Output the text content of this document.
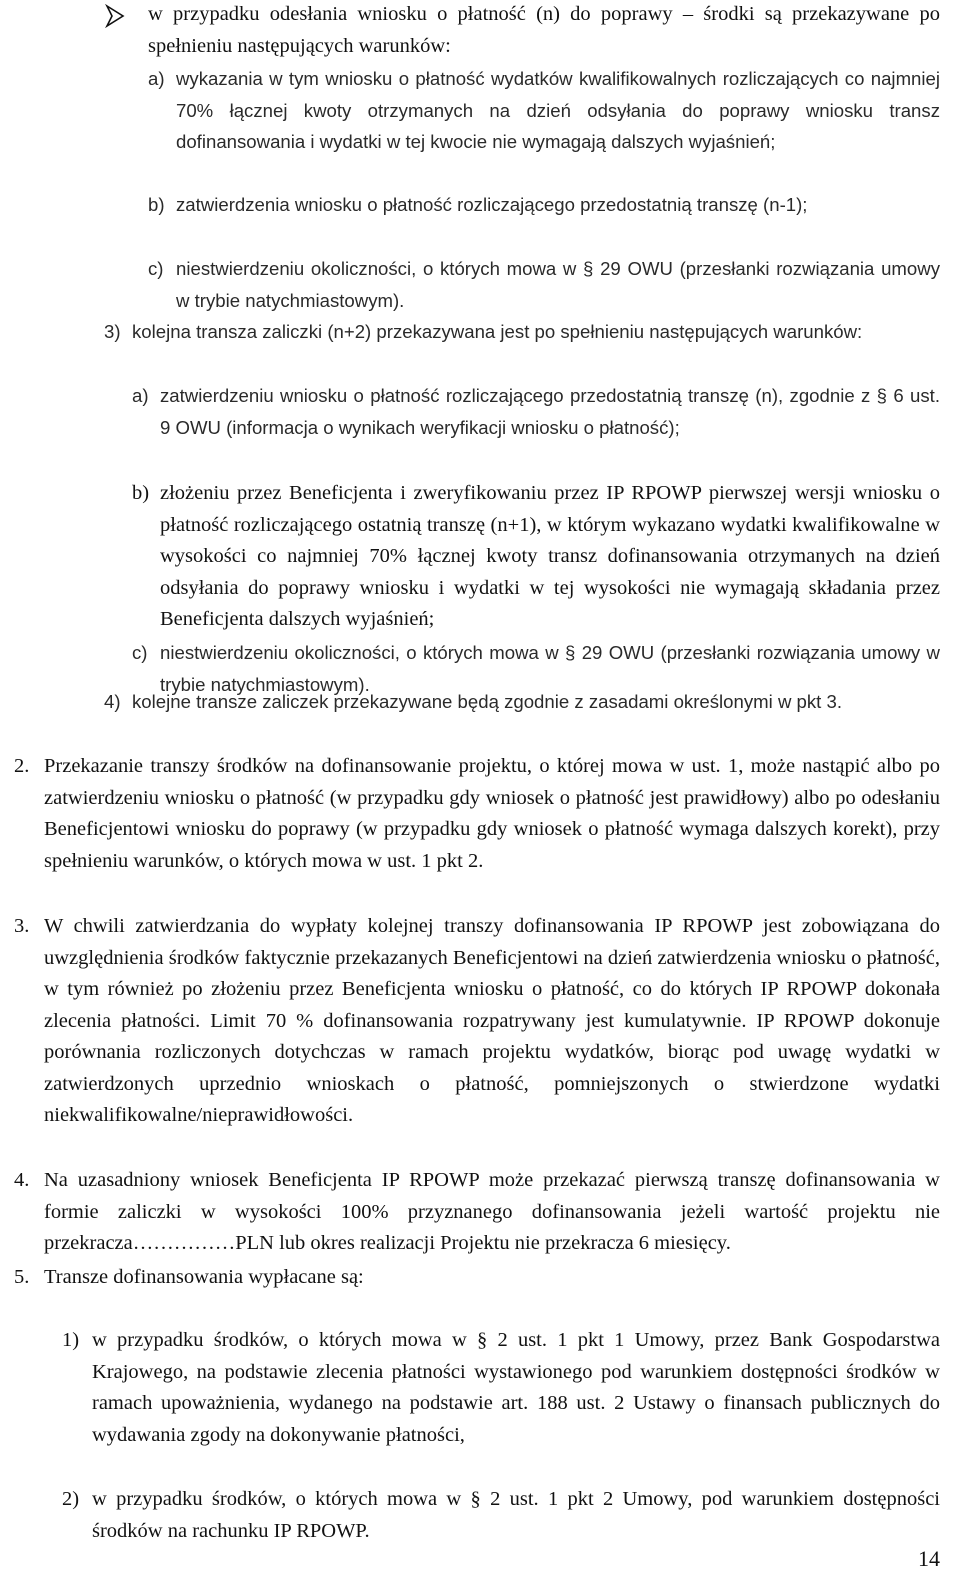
w przypadku odesłania wniosku o płatność (n) do poprawy – środki są przekazywane po spełnieniu następujących warunków:
a) wykazania w tym wniosku o płatność wydatków kwalifikowalnych rozliczających co najmniej 70% łącznej kwoty otrzymanych na dzień odsyłania do poprawy wniosku transz dofinansowania i wydatki w tej kwocie nie wymagają dalszych wyjaśnień;
b) zatwierdzenia wniosku o płatność rozliczającego przedostatnią transzę (n-1);
c) niestwierdzeniu okoliczności, o których mowa w § 29 OWU (przesłanki rozwiązania umowy w trybie natychmiastowym).
3) kolejna transza zaliczki (n+2) przekazywana jest po spełnieniu następujących warunków:
a) zatwierdzeniu wniosku o płatność rozliczającego przedostatnią transzę (n), zgodnie z § 6 ust. 9 OWU (informacja o wynikach weryfikacji wniosku o płatność);
b) złożeniu przez Beneficjenta i zweryfikowaniu przez IP RPOWP pierwszej wersji wniosku o płatność rozliczającego ostatnią transzę (n+1), w którym wykazano wydatki kwalifikowalne w wysokości co najmniej 70% łącznej kwoty transz dofinansowania otrzymanych na dzień odsyłania do poprawy wniosku i wydatki w tej wysokości nie wymagają składania przez Beneficjenta dalszych wyjaśnień;
c) niestwierdzeniu okoliczności, o których mowa w § 29 OWU (przesłanki rozwiązania umowy w trybie natychmiastowym).
4) kolejne transze zaliczek przekazywane będą zgodnie z zasadami określonymi w pkt 3.
2. Przekazanie transzy środków na dofinansowanie projektu, o której mowa w ust. 1, może nastąpić albo po zatwierdzeniu wniosku o płatność (w przypadku gdy wniosek o płatność jest prawidłowy) albo po odesłaniu Beneficjentowi wniosku do poprawy (w przypadku gdy wniosek o płatność wymaga dalszych korekt), przy spełnieniu warunków, o których mowa w ust. 1 pkt 2.
3. W chwili zatwierdzania do wypłaty kolejnej transzy dofinansowania IP RPOWP jest zobowiązana do uwzględnienia środków faktycznie przekazanych Beneficjentowi na dzień zatwierdzenia wniosku o płatność, w tym również po złożeniu przez Beneficjenta wniosku o płatność, co do których IP RPOWP dokonała zlecenia płatności. Limit 70 % dofinansowania rozpatrywany jest kumulatywnie. IP RPOWP dokonuje porównania rozliczonych dotychczas w ramach projektu wydatków, biorąc pod uwagę wydatki w zatwierdzonych uprzednio wnioskach o płatność, pomniejszonych o stwierdzone wydatki niekwalifikowalne/nieprawidłowości.
4. Na uzasadniony wniosek Beneficjenta IP RPOWP może przekazać pierwszą transzę dofinansowania w formie zaliczki w wysokości 100% przyznanego dofinansowania jeżeli wartość projektu nie przekracza……………PLN lub okres realizacji Projektu nie przekracza 6 miesięcy.
5. Transze dofinansowania wypłacane są:
1) w przypadku środków, o których mowa w § 2 ust. 1 pkt 1 Umowy, przez Bank Gospodarstwa Krajowego, na podstawie zlecenia płatności wystawionego pod warunkiem dostępności środków w ramach upoważnienia, wydanego na podstawie art. 188 ust. 2 Ustawy o finansach publicznych do wydawania zgody na dokonywanie płatności,
2) w przypadku środków, o których mowa w § 2 ust. 1 pkt 2 Umowy, pod warunkiem dostępności środków na rachunku IP RPOWP.
14
